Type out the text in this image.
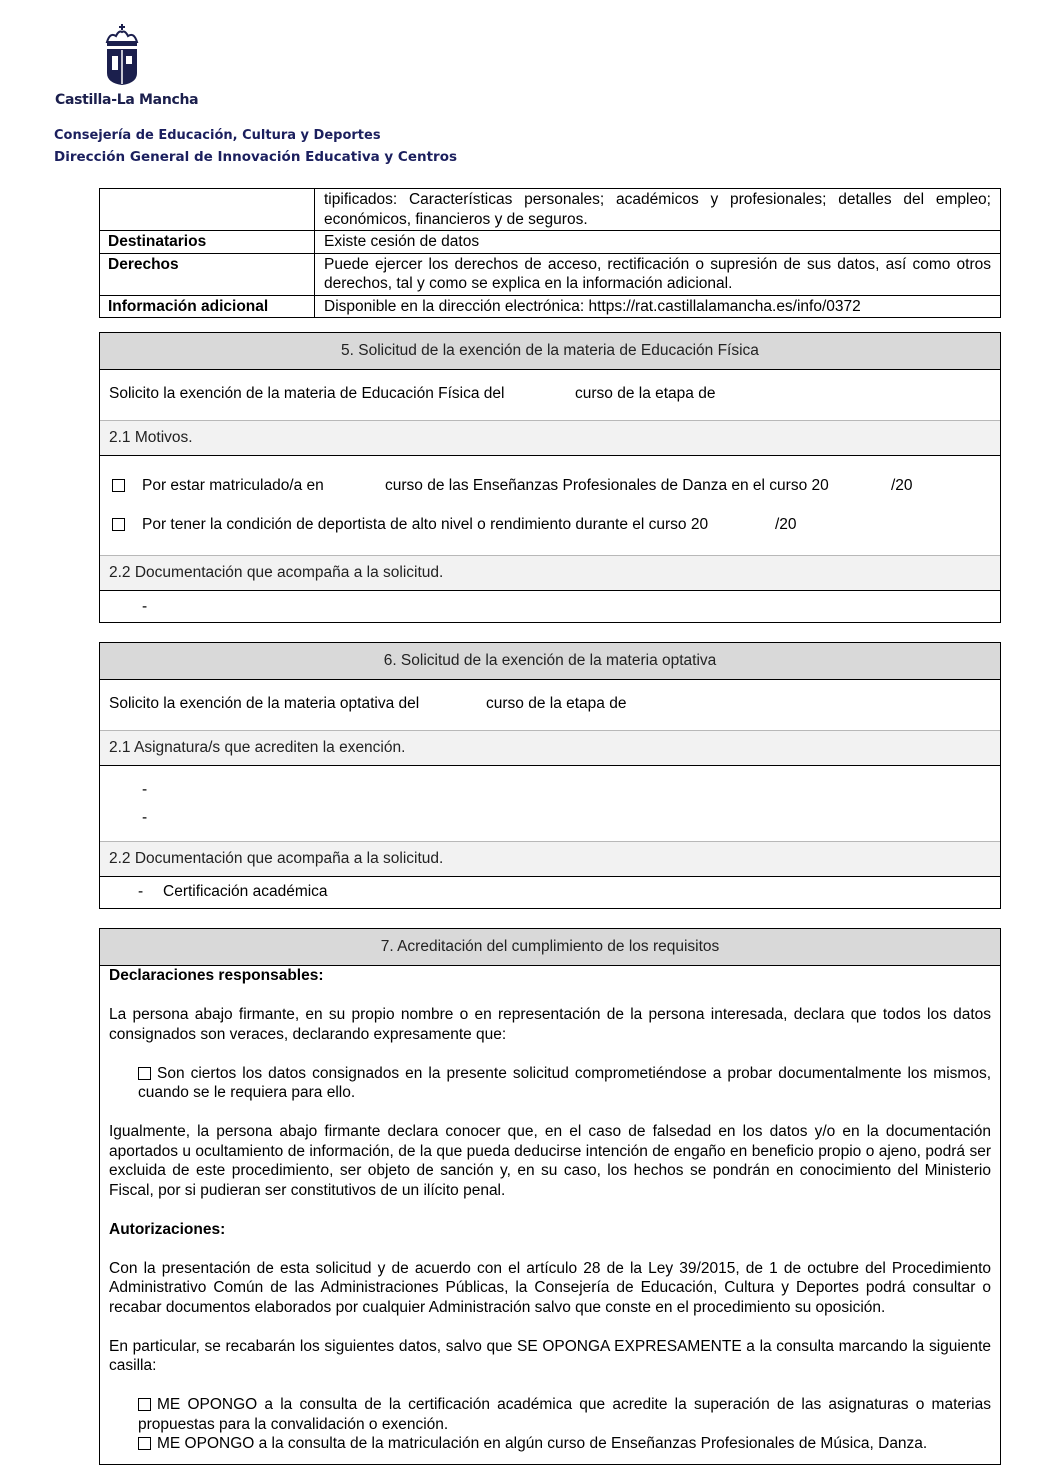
Castilla-La Mancha
Consejería de Educación, Cultura y Deportes
Dirección General de Innovación Educativa y Centros
tipificados: Características personales; académicos y profesionales; detalles del empleo; económicos, financieros y de seguros.
Destinatarios	Existe cesión de datos
Derechos	Puede ejercer los derechos de acceso, rectificación o supresión de sus datos, así como otros derechos, tal y como se explica en la información adicional.
Información adicional	Disponible en la dirección electrónica: https://rat.castillalamancha.es/info/0372
5. Solicitud de la exención de la materia de Educación Física
Solicito la exención de la materia de Educación Física del	curso de la etapa de
2.1 Motivos.
Por estar matriculado/a en	curso de las Enseñanzas Profesionales de Danza en el curso 20	/20
Por tener la condición de deportista de alto nivel o rendimiento durante el curso 20	/20
2.2 Documentación que acompaña a la solicitud.
-
6. Solicitud de la exención de la materia optativa
Solicito la exención de la materia optativa del	curso de la etapa de
2.1 Asignatura/s que acrediten la exención.
-
-
2.2 Documentación que acompaña a la solicitud.
- Certificación académica
7. Acreditación del cumplimiento de los requisitos

Declaraciones responsables:

La persona abajo firmante, en su propio nombre o en representación de la persona interesada, declara que todos los datos consignados son veraces, declarando expresamente que:

Son ciertos los datos consignados en la presente solicitud comprometiéndose a probar documentalmente los mismos, cuando se le requiera para ello.

Igualmente, la persona abajo firmante declara conocer que, en el caso de falsedad en los datos y/o en la documentación aportados u ocultamiento de información, de la que pueda deducirse intención de engaño en beneficio propio o ajeno, podrá ser excluida de este procedimiento, ser objeto de sanción y, en su caso, los hechos se pondrán en conocimiento del Ministerio Fiscal, por si pudieran ser constitutivos de un ilícito penal.

Autorizaciones:

Con la presentación de esta solicitud y de acuerdo con el artículo 28 de la Ley 39/2015, de 1 de octubre del Procedimiento Administrativo Común de las Administraciones Públicas, la Consejería de Educación, Cultura y Deportes podrá consultar o recabar documentos elaborados por cualquier Administración salvo que conste en el procedimiento su oposición.

En particular, se recabarán los siguientes datos, salvo que SE OPONGA EXPRESAMENTE a la consulta marcando la siguiente casilla:

ME OPONGO a la consulta de la certificación académica que acredite la superación de las asignaturas o materias propuestas para la convalidación o exención.

ME OPONGO a la consulta de la matriculación en algún curso de Enseñanzas Profesionales de Música, Danza.
